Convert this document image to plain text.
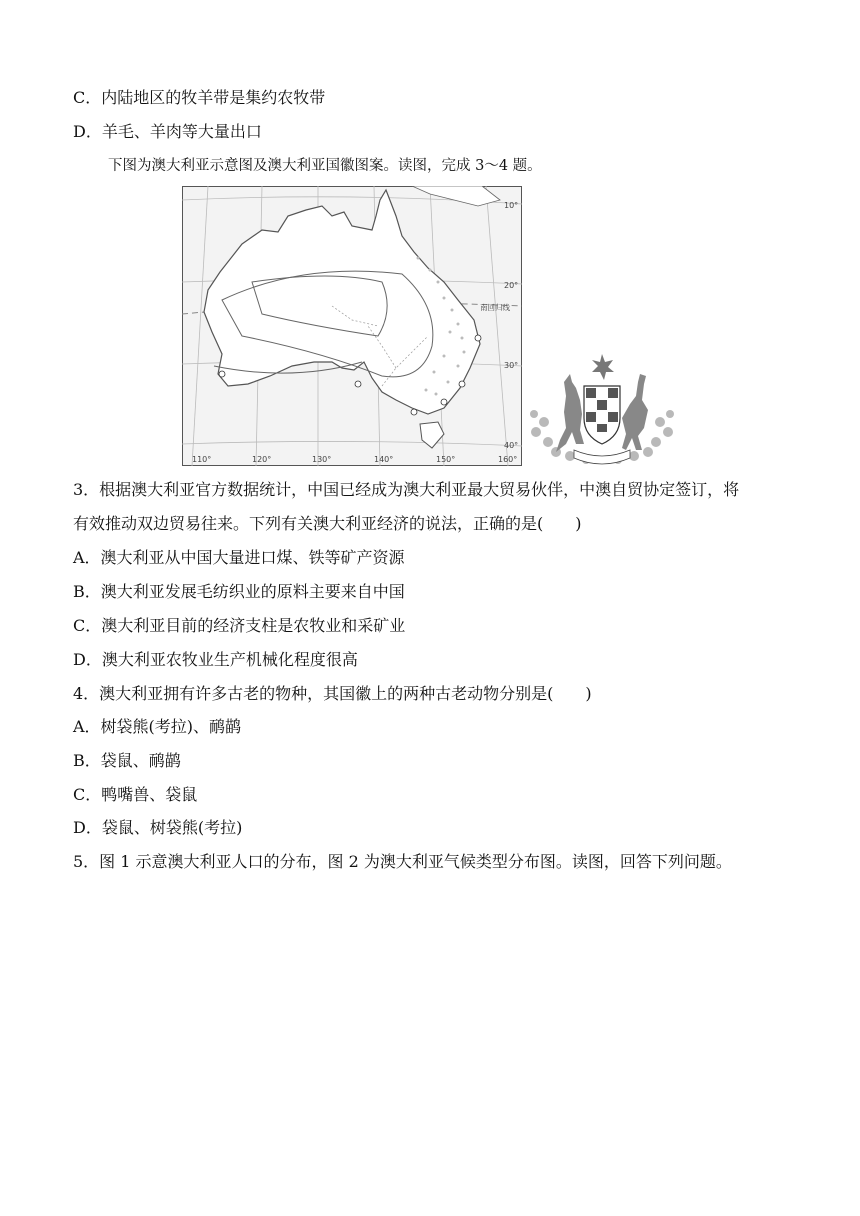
C．内陆地区的牧羊带是集约农牧带
D．羊毛、羊肉等大量出口
下图为澳大利亚示意图及澳大利亚国徽图案。读图，完成 3～4 题。
110°	120°	130°	140°	150°	160°
10°
20°
30°
40°
南回归线
3．根据澳大利亚官方数据统计，中国已经成为澳大利亚最大贸易伙伴，中澳自贸协定签订，将
有效推动双边贸易往来。下列有关澳大利亚经济的说法，正确的是(　　)
A．澳大利亚从中国大量进口煤、铁等矿产资源
B．澳大利亚发展毛纺织业的原料主要来自中国
C．澳大利亚目前的经济支柱是农牧业和采矿业
D．澳大利亚农牧业生产机械化程度很高
4．澳大利亚拥有许多古老的物种，其国徽上的两种古老动物分别是(　　)
A．树袋熊(考拉)、鸸鹋
B．袋鼠、鸸鹋
C．鸭嘴兽、袋鼠
D．袋鼠、树袋熊(考拉)
5．图 1 示意澳大利亚人口的分布，图 2 为澳大利亚气候类型分布图。读图，回答下列问题。
